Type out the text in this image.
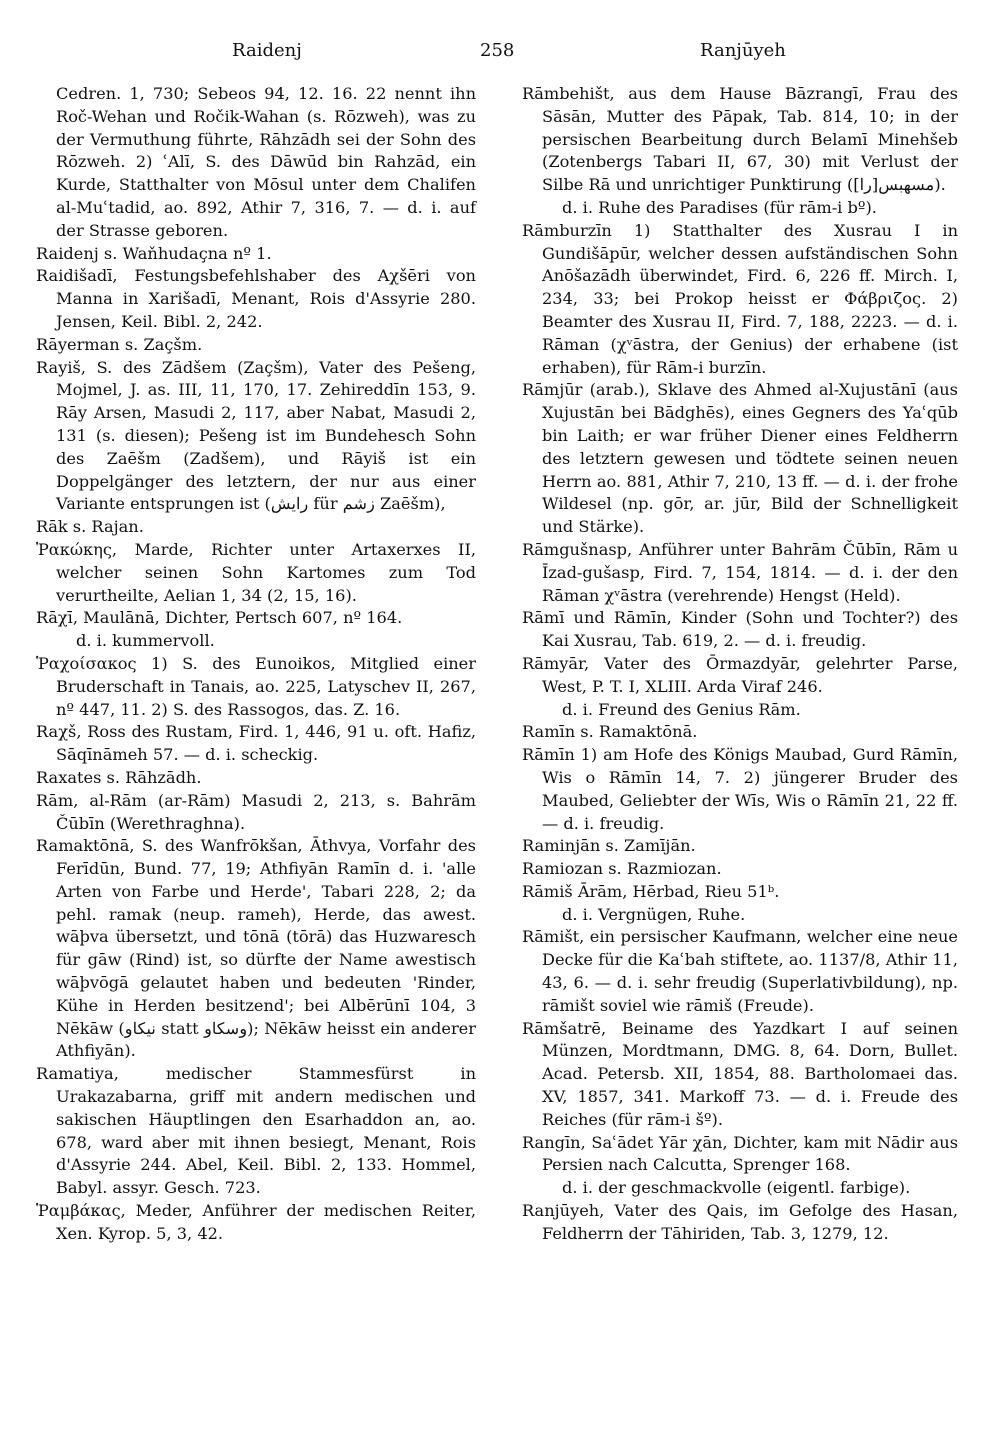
Raidenj	258	Ranjūyeh

Cedren. 1, 730; Sebeos 94, 12. 16. 22 nennt ihn Roč-Wehan und Ročik-Wahan (s. Rōzweh), was zu der Vermuthung führte, Rāhzādh sei der Sohn des Rōzweh. 2) ʿAlī, S. des Dāwūd bin Rahzād, ein Kurde, Statthalter von Mōsul unter dem Chalifen al-Muʿtadid, ao. 892, Athir 7, 316, 7. — d. i. auf der Strasse geboren.

Raidenj s. Waňhudaçna nº 1.

Raidišadī, Festungsbefehlshaber des Aχšēri von Manna in Xarišadī, Menant, Rois d'Assyrie 280. Jensen, Keil. Bibl. 2, 242.

Rāyerman s. Zaçšm.

Rayiš, S. des Zādšem (Zaçšm), Vater des Pešeng, Mojmel, J. as. III, 11, 170, 17. Zehireddīn 153, 9. Rāy Arsen, Masudi 2, 117, aber Nabat, Masudi 2, 131 (s. diesen); Pešeng ist im Bundehesch Sohn des Zaēšm (Zadšem), und Rāyiš ist ein Doppelgänger des letztern, der nur aus einer Variante entsprungen ist (رايش für زشم Zaēšm),

Rāk s. Rajan.

Ῥακώκης, Marde, Richter unter Artaxerxes II, welcher seinen Sohn Kartomes zum Tod verurtheilte, Aelian 1, 34 (2, 15, 16).

Rāχī, Maulānā, Dichter, Pertsch 607, nº 164.

d. i. kummervoll.

Ῥαχοίσακος 1) S. des Eunoikos, Mitglied einer Bruderschaft in Tanais, ao. 225, Latyschev II, 267, nº 447, 11. 2) S. des Rassogos, das. Z. 16.

Raχš, Ross des Rustam, Fird. 1, 446, 91 u. oft. Hafiz, Sāqīnāmeh 57. — d. i. scheckig.

Raxates s. Rāhzādh.

Rām, al-Rām (ar-Rām) Masudi 2, 213, s. Bahrām Čūbīn (Werethraghna).

Ramaktōnā, S. des Wanfrōkšan, Āthvya, Vorfahr des Ferīdūn, Bund. 77, 19; Athfiyān Ramīn d. i. 'alle Arten von Farbe und Herde', Tabari 228, 2; da pehl. ramak (neup. rameh), Herde, das awest. wāþva übersetzt, und tōnā (tōrā) das Huzwaresch für gāw (Rind) ist, so dürfte der Name awestisch wāþvōgā gelautet haben und bedeuten 'Rinder, Kühe in Herden besitzend'; bei Albērūnī 104, 3 Nēkāw (نيكاو statt وسكاو); Nēkāw heisst ein anderer Athfiyān).

Ramatiya, medischer Stammesfürst in Urakazabarna, griff mit andern medischen und sakischen Häuptlingen den Esarhaddon an, ao. 678, ward aber mit ihnen besiegt, Menant, Rois d'Assyrie 244. Abel, Keil. Bibl. 2, 133. Hommel, Babyl. assyr. Gesch. 723.

Ῥαμβάκας, Meder, Anführer der medischen Reiter, Xen. Kyrop. 5, 3, 42.

Rāmbehišt, aus dem Hause Bāzrangī, Frau des Sāsān, Mutter des Pāpak, Tab. 814, 10; in der persischen Bearbeitung durch Belamī Minehšeb (Zotenbergs Tabari II, 67, 30) mit Verlust der Silbe Rā und unrichtiger Punktirung (مسهبس[را]).

d. i. Ruhe des Paradises (für rām-i bº).

Rāmburzīn 1) Statthalter des Xusrau I in Gundišāpūr, welcher dessen aufständischen Sohn Anōšazādh überwindet, Fird. 6, 226 ff. Mirch. I, 234, 33; bei Prokop heisst er Φάβριζος. 2) Beamter des Xusrau II, Fird. 7, 188, 2223. — d. i. Rāman (χᵛāstra, der Genius) der erhabene (ist erhaben), für Rām-i burzīn.

Rāmjūr (arab.), Sklave des Ahmed al-Xujustānī (aus Xujustān bei Bādghēs), eines Gegners des Yaʿqūb bin Laith; er war früher Diener eines Feldherrn des letztern gewesen und tödtete seinen neuen Herrn ao. 881, Athir 7, 210, 13 ff. — d. i. der frohe Wildesel (np. gōr, ar. jūr, Bild der Schnelligkeit und Stärke).

Rāmgušnasp, Anführer unter Bahrām Čūbīn, Rām u Īzad-gušasp, Fird. 7, 154, 1814. — d. i. der den Rāman χᵛāstra (verehrende) Hengst (Held).

Rāmī und Rāmīn, Kinder (Sohn und Tochter?) des Kai Xusrau, Tab. 619, 2. — d. i. freudig.

Rāmyār, Vater des Ōrmazdyār, gelehrter Parse, West, P. T. I, XLIII. Arda Viraf 246.

d. i. Freund des Genius Rām.

Ramīn s. Ramaktōnā.

Rāmīn 1) am Hofe des Königs Maubad, Gurd Rāmīn, Wis o Rāmīn 14, 7. 2) jüngerer Bruder des Maubed, Geliebter der Wīs, Wis o Rāmīn 21, 22 ff. — d. i. freudig.

Raminjān s. Zamījān.

Ramiozan s. Razmiozan.

Rāmiš Ārām, Hērbad, Rieu 51ᵇ.

d. i. Vergnügen, Ruhe.

Rāmišt, ein persischer Kaufmann, welcher eine neue Decke für die Kaʿbah stiftete, ao. 1137/8, Athir 11, 43, 6. — d. i. sehr freudig (Superlativbildung), np. rāmišt soviel wie rāmiš (Freude).

Rāmšatrē, Beiname des Yazdkart I auf seinen Münzen, Mordtmann, DMG. 8, 64. Dorn, Bullet. Acad. Petersb. XII, 1854, 88. Bartholomaei das. XV, 1857, 341. Markoff 73. — d. i. Freude des Reiches (für rām-i šº).

Rangīn, Saʿādet Yār χān, Dichter, kam mit Nādir aus Persien nach Calcutta, Sprenger 168.

d. i. der geschmackvolle (eigentl. farbige).

Ranjūyeh, Vater des Qais, im Gefolge des Hasan, Feldherrn der Tāhiriden, Tab. 3, 1279, 12.
